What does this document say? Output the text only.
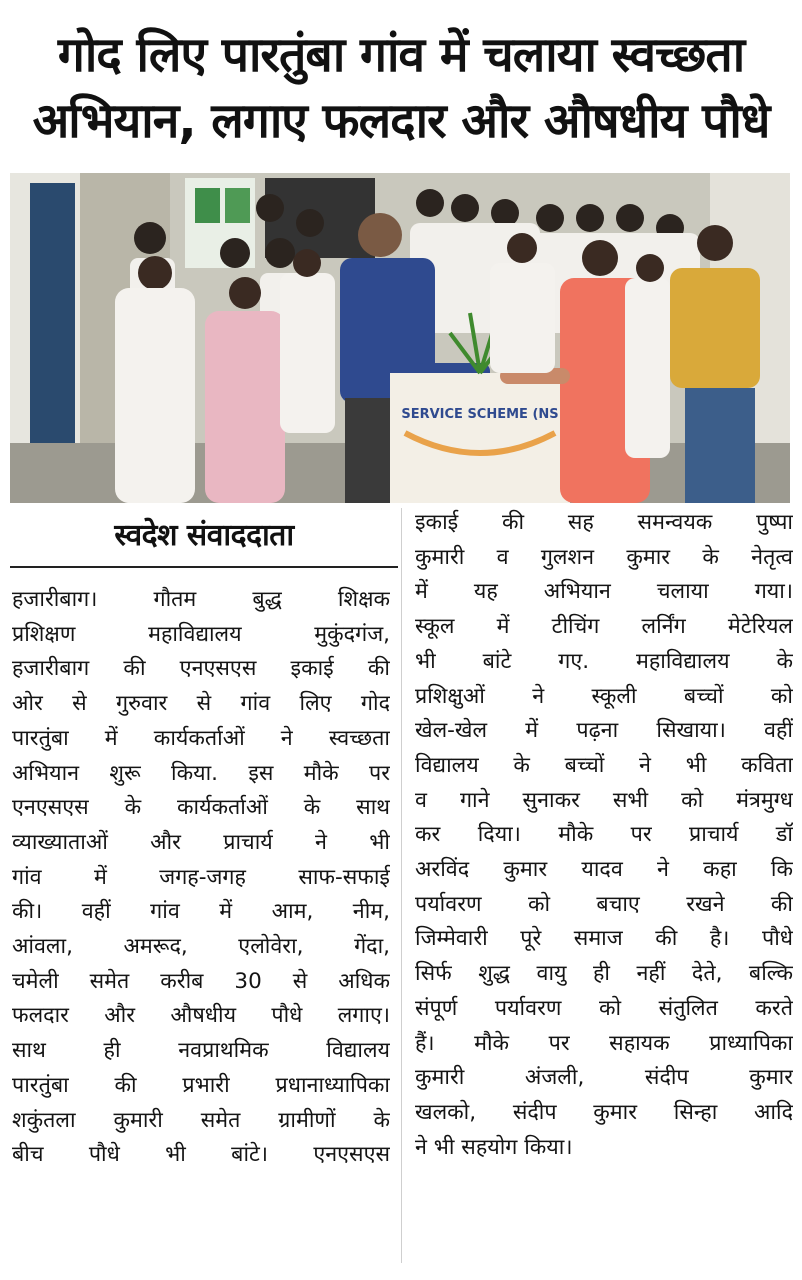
गोद लिए पारतुंबा गांव में चलाया स्वच्छता
अभियान, लगाए फलदार और औषधीय पौधे
SERVICE SCHEME (NS
स्वदेश संवाददाता
हजारीबाग। गौतम बुद्ध शिक्षक
प्रशिक्षण महाविद्यालय मुकुंदगंज,
हजारीबाग की एनएसएस इकाई की
ओर से गुरुवार से गांव लिए गोद
पारतुंबा में कार्यकर्ताओं ने स्वच्छता
अभियान शुरू किया. इस मौके पर
एनएसएस के कार्यकर्ताओं के साथ
व्याख्याताओं और प्राचार्य ने भी
गांव में जगह-जगह साफ-सफाई
की। वहीं गांव में आम, नीम,
आंवला, अमरूद, एलोवेरा, गेंदा,
चमेली समेत करीब 30 से अधिक
फलदार और औषधीय पौधे लगाए।
साथ ही नवप्राथमिक विद्यालय
पारतुंबा की प्रभारी प्रधानाध्यापिका
शकुंतला कुमारी समेत ग्रामीणों के
बीच पौधे भी बांटे। एनएसएस
इकाई की सह समन्वयक पुष्पा
कुमारी व गुलशन कुमार के नेतृत्व
में यह अभियान चलाया गया।
स्कूल में टीचिंग लर्निंग मेटेरियल
भी बांटे गए. महाविद्यालय के
प्रशिक्षुओं ने स्कूली बच्चों को
खेल-खेल में पढ़ना सिखाया। वहीं
विद्यालय के बच्चों ने भी कविता
व गाने सुनाकर सभी को मंत्रमुग्ध
कर दिया। मौके पर प्राचार्य डॉ
अरविंद कुमार यादव ने कहा कि
पर्यावरण को बचाए रखने की
जिम्मेवारी पूरे समाज की है। पौधे
सिर्फ शुद्ध वायु ही नहीं देते, बल्कि
संपूर्ण पर्यावरण को संतुलित करते
हैं। मौके पर सहायक प्राध्यापिका
कुमारी अंजली, संदीप कुमार
खलको, संदीप कुमार सिन्हा आदि
ने भी सहयोग किया।
